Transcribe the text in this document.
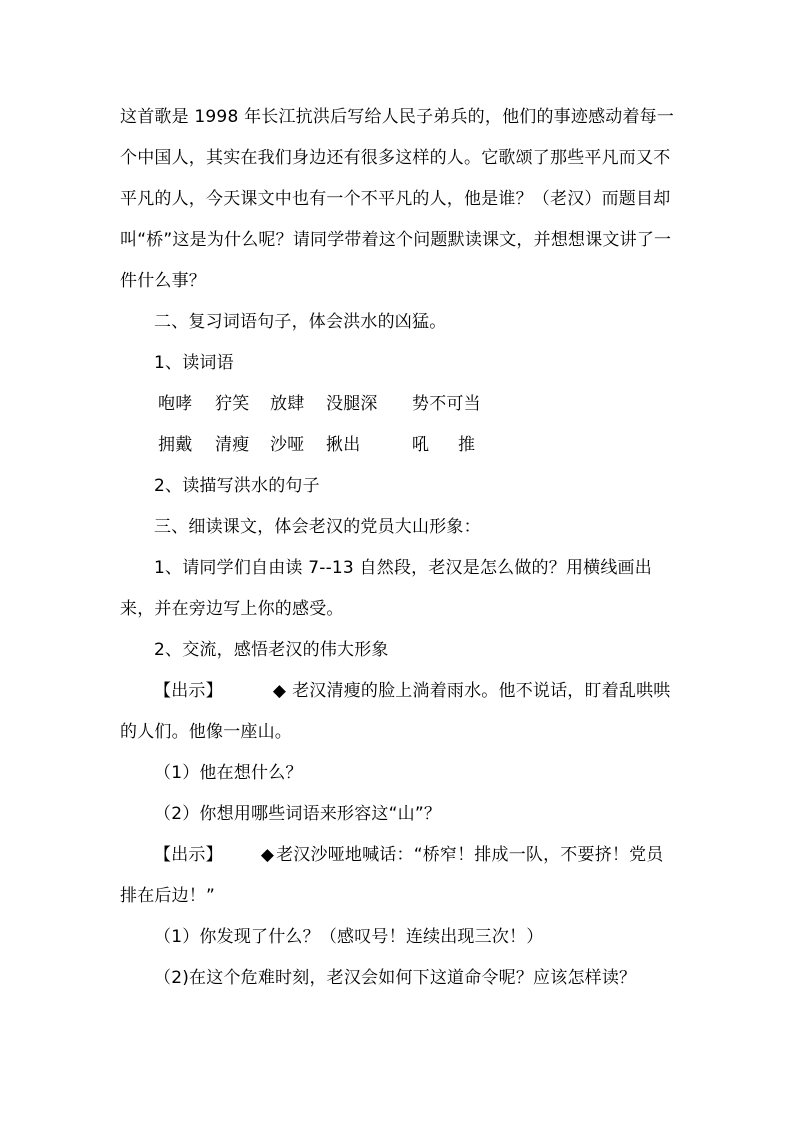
这首歌是 1998 年长江抗洪后写给人民子弟兵的，他们的事迹感动着每一个中国人，其实在我们身边还有很多这样的人。它歌颂了那些平凡而又不平凡的人，今天课文中也有一个不平凡的人，他是谁？（老汉）而题目却叫“桥”这是为什么呢？请同学带着这个问题默读课文，并想想课文讲了一件什么事？

二、复习词语句子，体会洪水的凶猛。

1、读词语

咆哮 狞笑 放肆 没腿深 势不可当
拥戴 清瘦 沙哑 揪出	吼 推

2、读描写洪水的句子

三、细读课文，体会老汉的党员大山形象：

1、请同学们自由读 7--13 自然段，老汉是怎么做的？用横线画出来，并在旁边写上你的感受。

2、交流，感悟老汉的伟大形象

【出示】	◆ 老汉清瘦的脸上淌着雨水。他不说话，盯着乱哄哄的人们。他像一座山。

（1）他在想什么？

（2）你想用哪些词语来形容这“山”？

【出示】 ◆ 老汉沙哑地喊话：“桥窄！排成一队，不要挤！党员排在后边！”

（1）你发现了什么？（感叹号！连续出现三次！）

（2)在这个危难时刻，老汉会如何下这道命令呢？应该怎样读？
